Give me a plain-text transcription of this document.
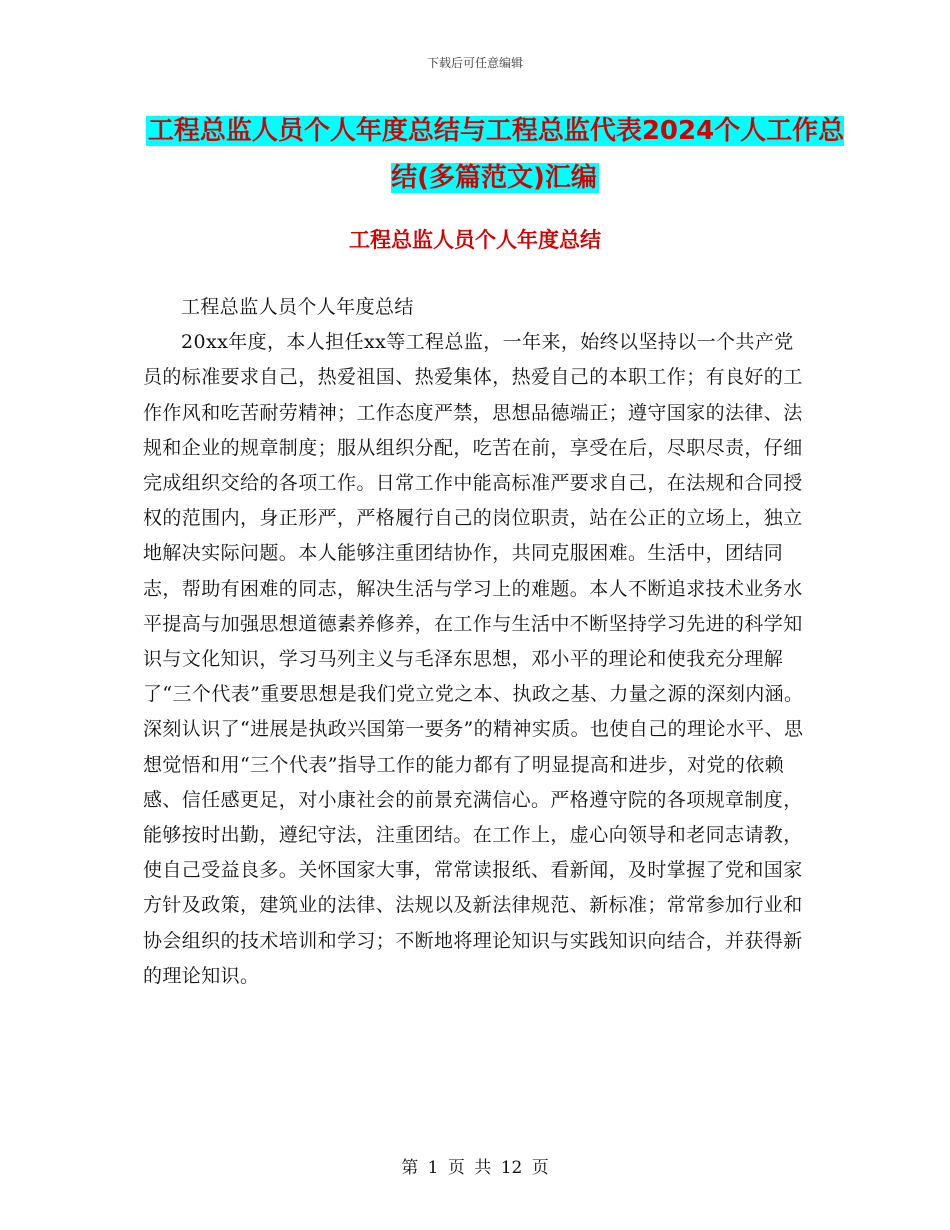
下载后可任意编辑
工程总监人员个人年度总结与工程总监代表2024个人工作总结(多篇范文)汇编
工程总监人员个人年度总结

工程总监人员个人年度总结

20xx年度，本人担任xx等工程总监，一年来，始终以坚持以一个共产党员的标准要求自己，热爱祖国、热爱集体，热爱自己的本职工作；有良好的工作作风和吃苦耐劳精神；工作态度严禁，思想品德端正；遵守国家的法律、法规和企业的规章制度；服从组织分配，吃苦在前，享受在后，尽职尽责，仔细完成组织交给的各项工作。日常工作中能高标准严要求自己，在法规和合同授权的范围内，身正形严，严格履行自己的岗位职责，站在公正的立场上，独立地解决实际问题。本人能够注重团结协作，共同克服困难。生活中，团结同志，帮助有困难的同志，解决生活与学习上的难题。本人不断追求技术业务水平提高与加强思想道德素养修养，在工作与生活中不断坚持学习先进的科学知识与文化知识，学习马列主义与毛泽东思想，邓小平的理论和使我充分理解了“三个代表”重要思想是我们党立党之本、执政之基、力量之源的深刻内涵。深刻认识了“进展是执政兴国第一要务”的精神实质。也使自己的理论水平、思想觉悟和用“三个代表”指导工作的能力都有了明显提高和进步，对党的依赖感、信任感更足，对小康社会的前景充满信心。严格遵守院的各项规章制度，能够按时出勤，遵纪守法，注重团结。在工作上，虚心向领导和老同志请教，使自己受益良多。关怀国家大事，常常读报纸、看新闻，及时掌握了党和国家方针及政策，建筑业的法律、法规以及新法律规范、新标准；常常参加行业和协会组织的技术培训和学习；不断地将理论知识与实践知识向结合，并获得新的理论知识。

第 1 页 共 12 页
